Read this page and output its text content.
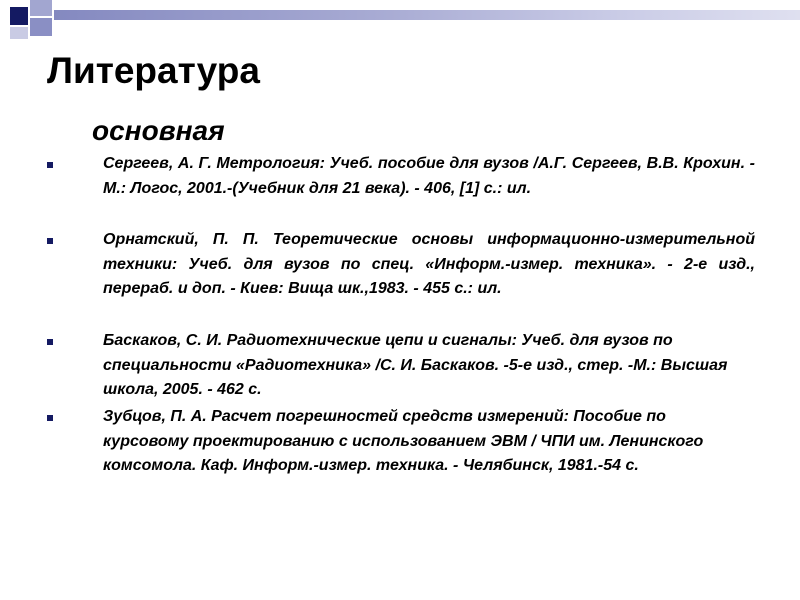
Литература
основная
Сергеев, А. Г. Метрология: Учеб. пособие для вузов /А.Г. Сергеев, В.В. Крохин. - М.: Логос, 2001.-(Учебник для 21 века). - 406, [1] с.: ил.
Орнатский, П. П. Теоретические основы информационно-измерительной техники: Учеб. для вузов по спец. «Информ.-измер. техника». - 2-е изд., перераб. и доп. - Киев: Вища шк.,1983. - 455 с.: ил.
Баскаков, С. И. Радиотехнические цепи и сигналы: Учеб. для вузов по специальности «Радиотехника» /С. И. Баскаков. -5-е изд., стер. -М.: Высшая школа, 2005. - 462 с.
Зубцов, П. А. Расчет погрешностей средств измерений: Пособие по курсовому проектированию с использованием ЭВМ / ЧПИ им. Ленинского комсомола. Каф. Информ.-измер. техника. - Челябинск, 1981.-54 с.
